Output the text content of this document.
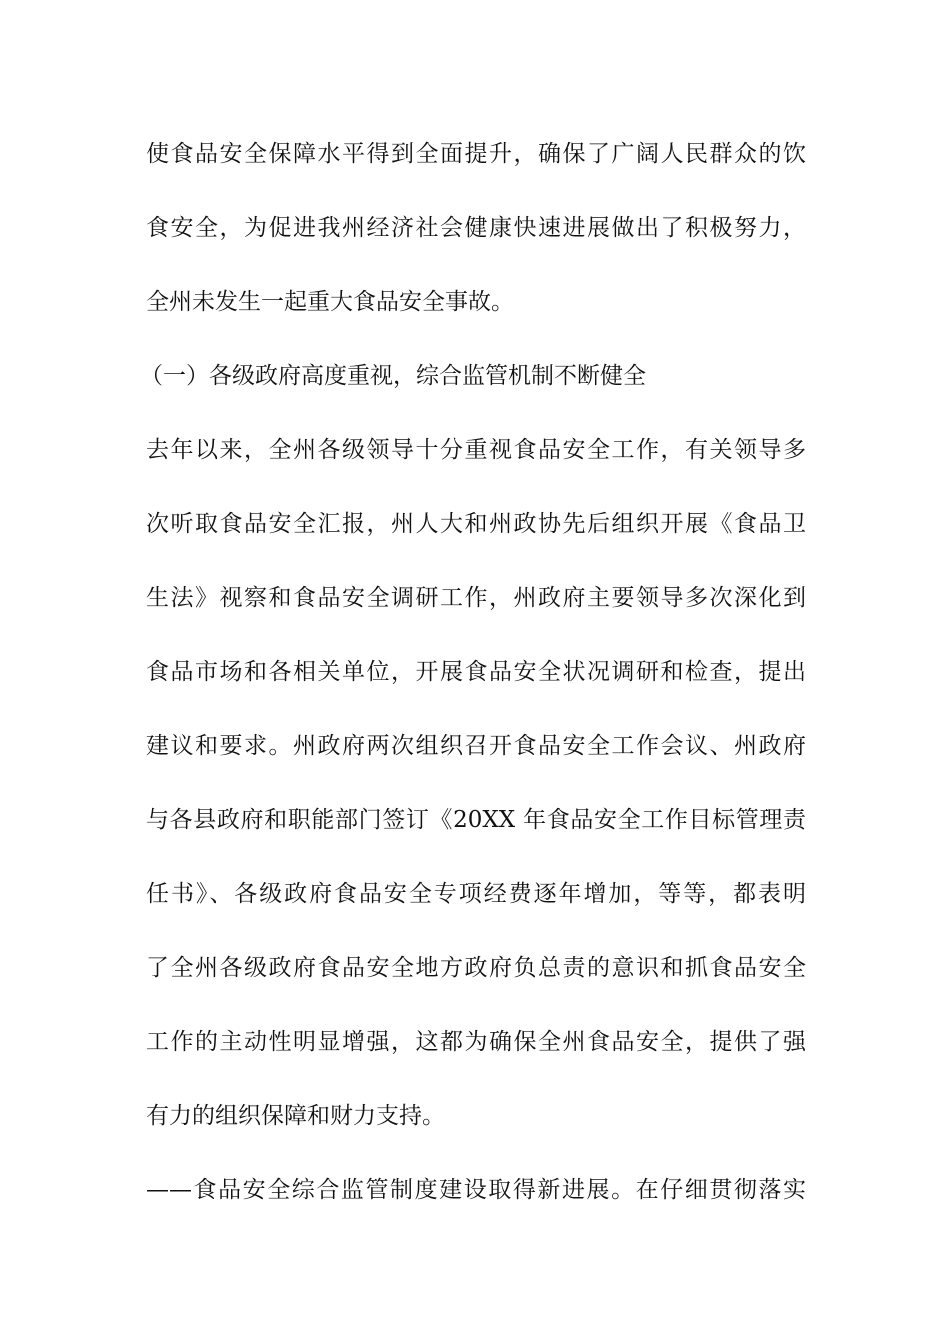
使食品安全保障水平得到全面提升，确保了广阔人民群众的饮
食安全，为促进我州经济社会健康快速进展做出了积极努力，
全州未发生一起重大食品安全事故。
（一）各级政府高度重视，综合监管机制不断健全
去年以来，全州各级领导十分重视食品安全工作，有关领导多
次听取食品安全汇报，州人大和州政协先后组织开展《食品卫
生法》视察和食品安全调研工作，州政府主要领导多次深化到
食品市场和各相关单位，开展食品安全状况调研和检查，提出
建议和要求。州政府两次组织召开食品安全工作会议、州政府
与各县政府和职能部门签订《20XX 年食品安全工作目标管理责
任书》、各级政府食品安全专项经费逐年增加，等等，都表明
了全州各级政府食品安全地方政府负总责的意识和抓食品安全
工作的主动性明显增强，这都为确保全州食品安全，提供了强
有力的组织保障和财力支持。
——食品安全综合监管制度建设取得新进展。在仔细贯彻落实
